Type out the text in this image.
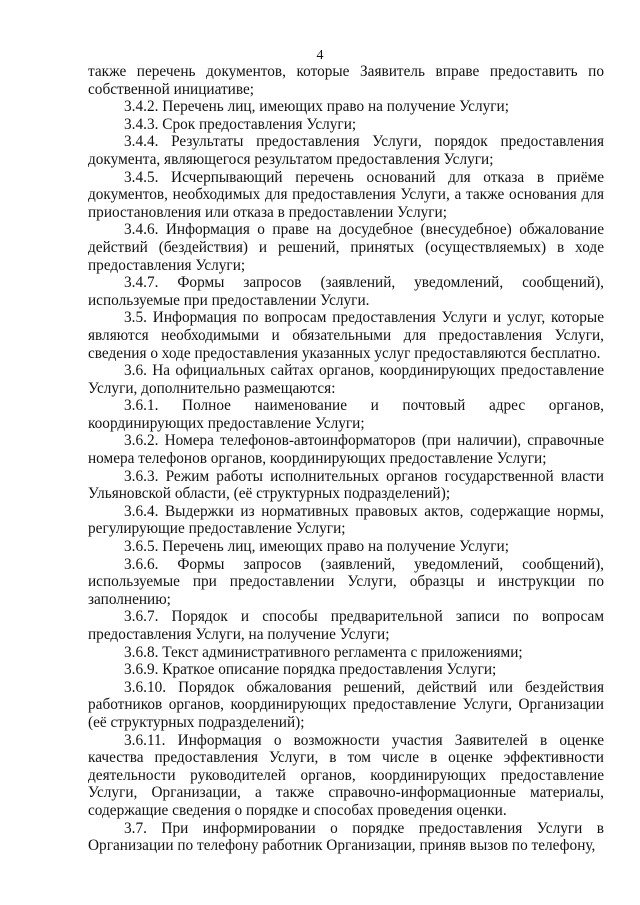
4

также перечень документов, которые Заявитель вправе предоставить по собственной инициативе;

3.4.2. Перечень лиц, имеющих право на получение Услуги;

3.4.3. Срок предоставления Услуги;

3.4.4. Результаты предоставления Услуги, порядок предоставления документа, являющегося результатом предоставления Услуги;

3.4.5. Исчерпывающий перечень оснований для отказа в приёме документов, необходимых для предоставления Услуги, а также основания для приостановления или отказа в предоставлении Услуги;

3.4.6. Информация о праве на досудебное (внесудебное) обжалование действий (бездействия) и решений, принятых (осуществляемых) в ходе предоставления Услуги;

3.4.7. Формы запросов (заявлений, уведомлений, сообщений), используемые при предоставлении Услуги.

3.5. Информация по вопросам предоставления Услуги и услуг, которые являются необходимыми и обязательными для предоставления Услуги, сведения о ходе предоставления указанных услуг предоставляются бесплатно.

3.6. На официальных сайтах органов, координирующих предоставление Услуги, дополнительно размещаются:

3.6.1. Полное наименование и почтовый адрес органов, координирующих предоставление Услуги;

3.6.2. Номера телефонов-автоинформаторов (при наличии), справочные номера телефонов органов, координирующих предоставление Услуги;

3.6.3. Режим работы исполнительных органов государственной власти Ульяновской области, (её структурных подразделений);

3.6.4. Выдержки из нормативных правовых актов, содержащие нормы, регулирующие предоставление Услуги;

3.6.5. Перечень лиц, имеющих право на получение Услуги;

3.6.6. Формы запросов (заявлений, уведомлений, сообщений), используемые при предоставлении Услуги, образцы и инструкции по заполнению;

3.6.7. Порядок и способы предварительной записи по вопросам предоставления Услуги, на получение Услуги;

3.6.8. Текст административного регламента с приложениями;

3.6.9. Краткое описание порядка предоставления Услуги;

3.6.10. Порядок обжалования решений, действий или бездействия работников органов, координирующих предоставление Услуги, Организации (её структурных подразделений);

3.6.11. Информация о возможности участия Заявителей в оценке качества предоставления Услуги, в том числе в оценке эффективности деятельности руководителей органов, координирующих предоставление Услуги, Организации, а также справочно-информационные материалы, содержащие сведения о порядке и способах проведения оценки.

3.7. При информировании о порядке предоставления Услуги в Организации по телефону работник Организации, приняв вызов по телефону,
